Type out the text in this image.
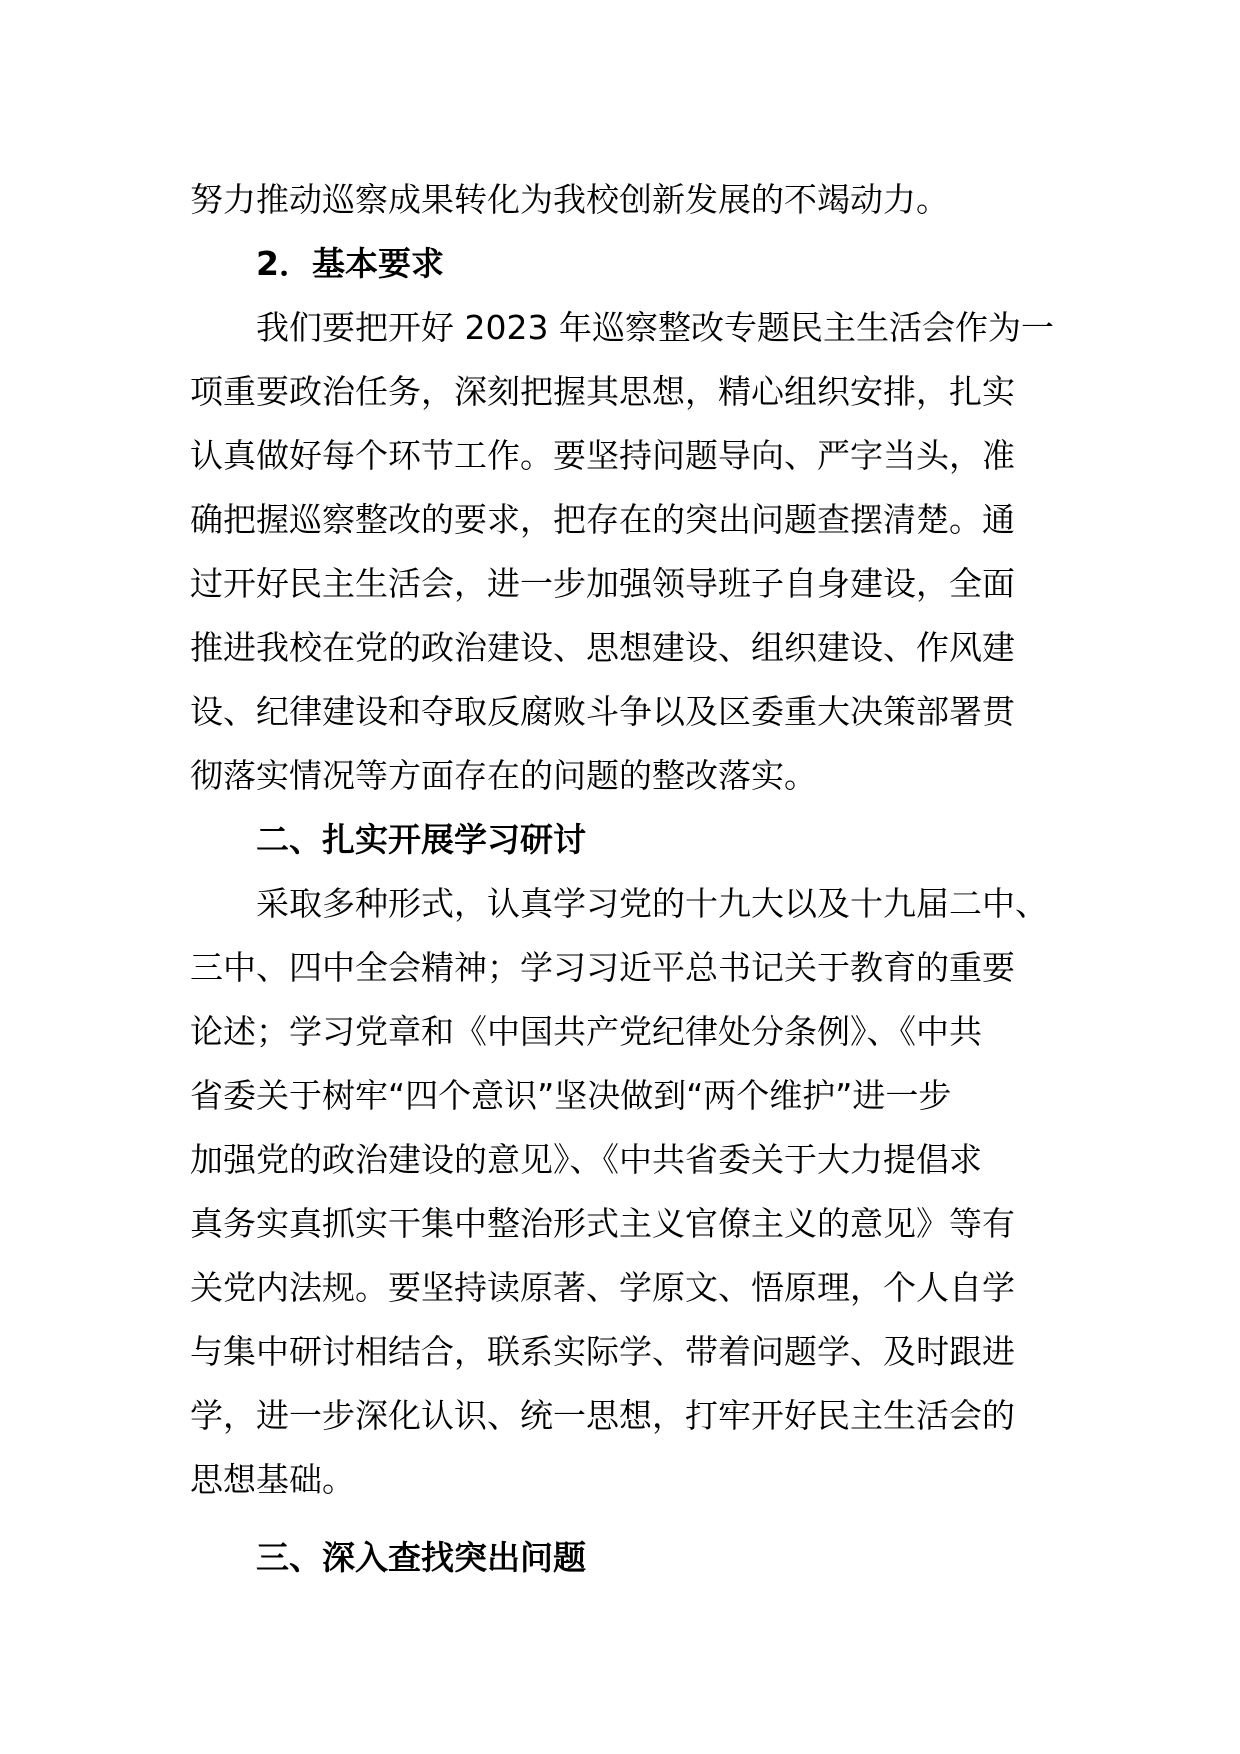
努力推动巡察成果转化为我校创新发展的不竭动力。
2．基本要求
我们要把开好 2023 年巡察整改专题民主生活会作为一
项重要政治任务，深刻把握其思想，精心组织安排，扎实
认真做好每个环节工作。要坚持问题导向、严字当头，准
确把握巡察整改的要求，把存在的突出问题查摆清楚。通
过开好民主生活会，进一步加强领导班子自身建设，全面
推进我校在党的政治建设、思想建设、组织建设、作风建
设、纪律建设和夺取反腐败斗争以及区委重大决策部署贯
彻落实情况等方面存在的问题的整改落实。
二、扎实开展学习研讨
采取多种形式，认真学习党的十九大以及十九届二中、
三中、四中全会精神；学习习近平总书记关于教育的重要
论述；学习党章和《中国共产党纪律处分条例》、《中共
省委关于树牢“四个意识”坚决做到“两个维护”进一步
加强党的政治建设的意见》、《中共省委关于大力提倡求
真务实真抓实干集中整治形式主义官僚主义的意见》等有
关党内法规。要坚持读原著、学原文、悟原理，个人自学
与集中研讨相结合，联系实际学、带着问题学、及时跟进
学，进一步深化认识、统一思想，打牢开好民主生活会的
思想基础。
三、深入查找突出问题
